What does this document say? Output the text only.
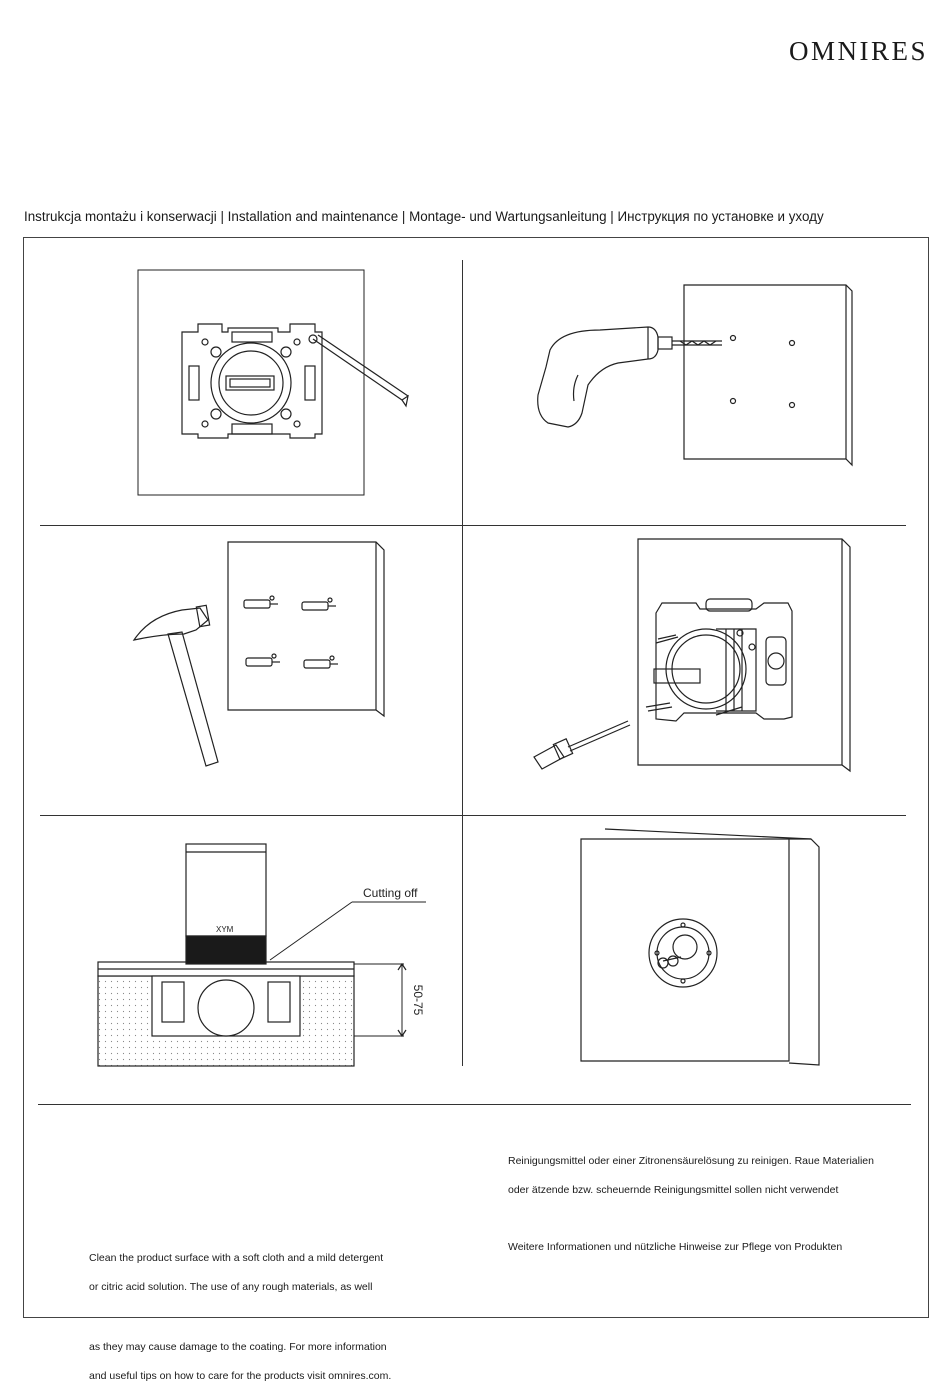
OMNIRES
Instrukcja montażu i konserwacji | Installation and maintenance | Montage- und Wartungsanleitung | Инструкция по установке и уходу
Cutting off
XYM
50-75

Reinigungsmittel oder einer Zitronensäurelösung zu reinigen. Raue Materialien

oder ätzende bzw. scheuernde Reinigungsmittel sollen nicht verwendet

Weitere Informationen und nützliche Hinweise zur Pflege von Produkten

Clean the product surface with a soft cloth and a mild detergent

or citric acid solution. The use of any rough materials, as well

as they may cause damage to the coating. For more information

and useful tips on how to care for the products visit omnires.com.
